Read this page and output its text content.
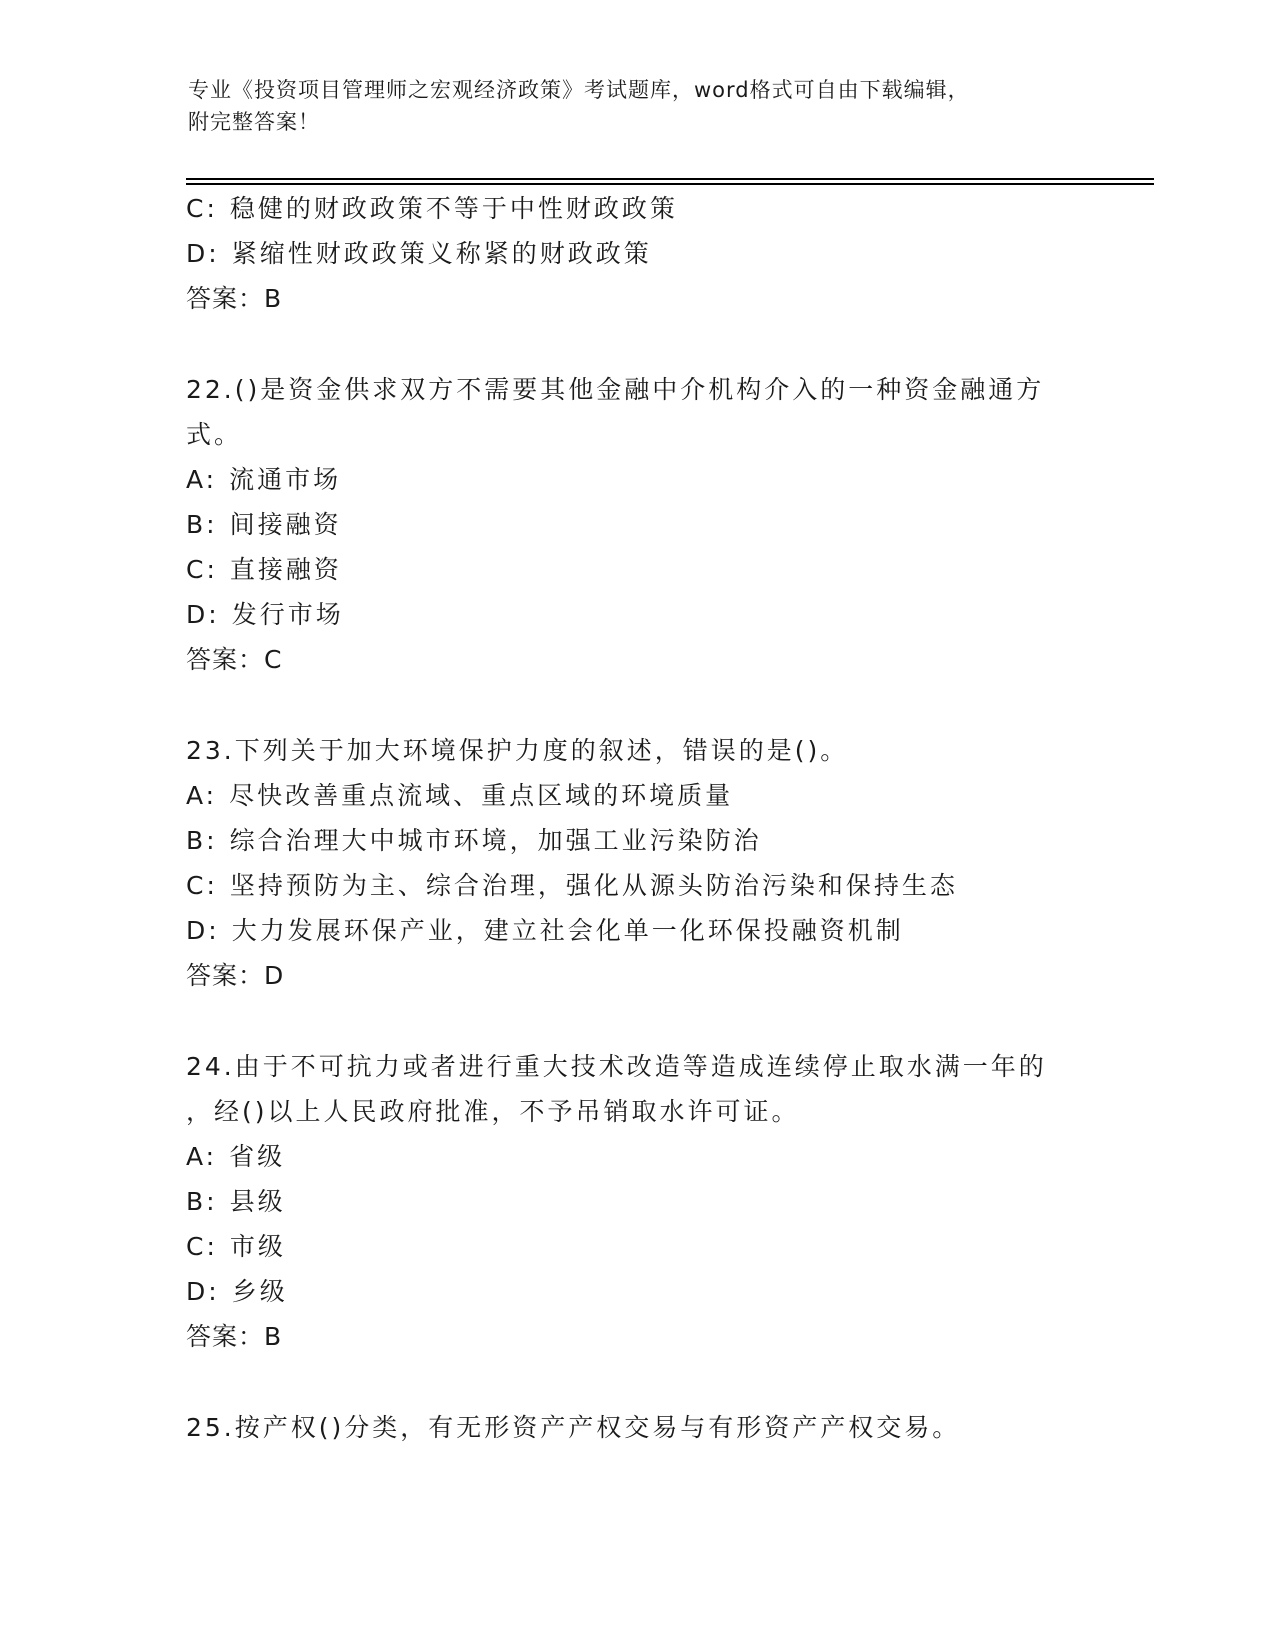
专业《投资项目管理师之宏观经济政策》考试题库，word格式可自由下载编辑，
附完整答案！
C: 稳健的财政政策不等于中性财政政策
D: 紧缩性财政政策义称紧的财政政策
答案：B
22.()是资金供求双方不需要其他金融中介机构介入的一种资金融通方
式。
A: 流通市场
B: 间接融资
C: 直接融资
D: 发行市场
答案：C
23.下列关于加大环境保护力度的叙述，错误的是()。
A: 尽快改善重点流域、重点区域的环境质量
B: 综合治理大中城市环境，加强工业污染防治
C: 坚持预防为主、综合治理，强化从源头防治污染和保持生态
D: 大力发展环保产业，建立社会化单一化环保投融资机制
答案：D
24.由于不可抗力或者进行重大技术改造等造成连续停止取水满一年的
，经()以上人民政府批准，不予吊销取水许可证。
A: 省级
B: 县级
C: 市级
D: 乡级
答案：B
25.按产权()分类，有无形资产产权交易与有形资产产权交易。
